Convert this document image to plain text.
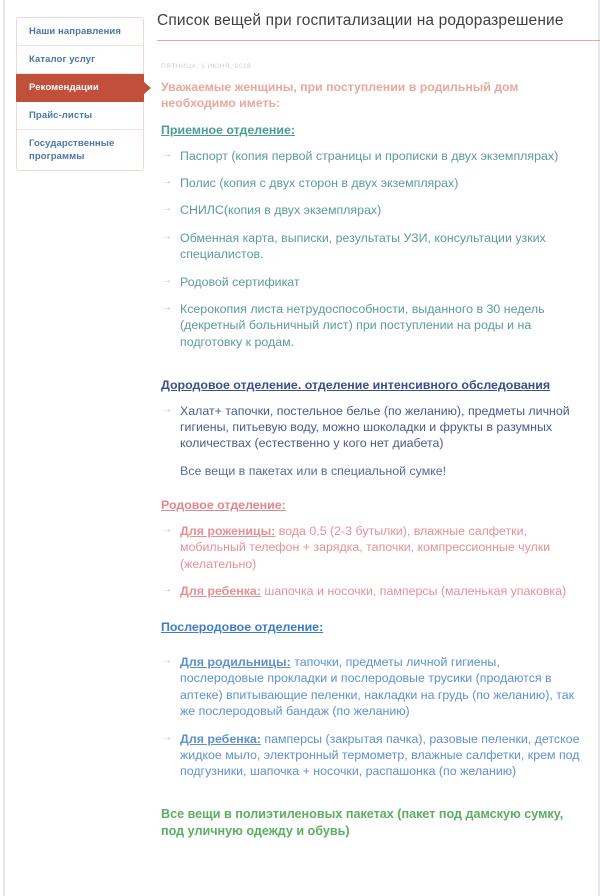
Наши направления
Каталог услуг
Рекомендации
Прайс-листы
Государственные программы
Список вещей при госпитализации на родоразрешение
ПЯТНИЦА, 1 ИЮНЯ, 2018

Уважаемые женщины, при поступлении в родильный дом необходимо иметь:

Приемное отделение:
→ Паспорт (копия первой страницы и прописки в двух экземплярах)
→ Полис (копия с двух сторон в двух экземплярах)
→ СНИЛС(копия в двух экземплярах)
→ Обменная карта, выписки, результаты УЗИ, консультации узких специалистов.
→ Родовой сертификат
→ Ксерокопия листа нетрудоспособности, выданного в 30 недель (декретный больничный лист) при поступлении на роды и на подготовку к родам.
Дородовое отделение. отделение интенсивного обследования
→ Халат+ тапочки, постельное белье (по желанию), предметы личной гигиены, питьевую воду, можно шоколадки и фрукты в разумных количествах (естественно у кого нет диабета)

Все вещи в пакетах или в специальной сумке!

Родовое отделение:
→ Для роженицы: вода 0,5 (2-3 бутылки), влажные салфетки, мобильный телефон + зарядка, тапочки, компрессионные чулки (желательно)
→ Для ребенка: шапочка и носочки, памперсы (маленькая упаковка)
Послеродовое отделение:
→ Для родильницы: тапочки, предметы личной гигиены, послеродовые прокладки и послеродовые трусики (продаются в аптеке) впитывающие пеленки, накладки на грудь (по желанию), так же послеродовый бандаж (по желанию)
→ Для ребенка: памперсы (закрытая пачка), разовые пеленки, детское жидкое мыло, электронный термометр, влажные салфетки, крем под подгузники, шапочка + носочки, распашонка (по желанию)

Все вещи в полиэтиленовых пакетах (пакет под дамскую сумку, под уличную одежду и обувь)
